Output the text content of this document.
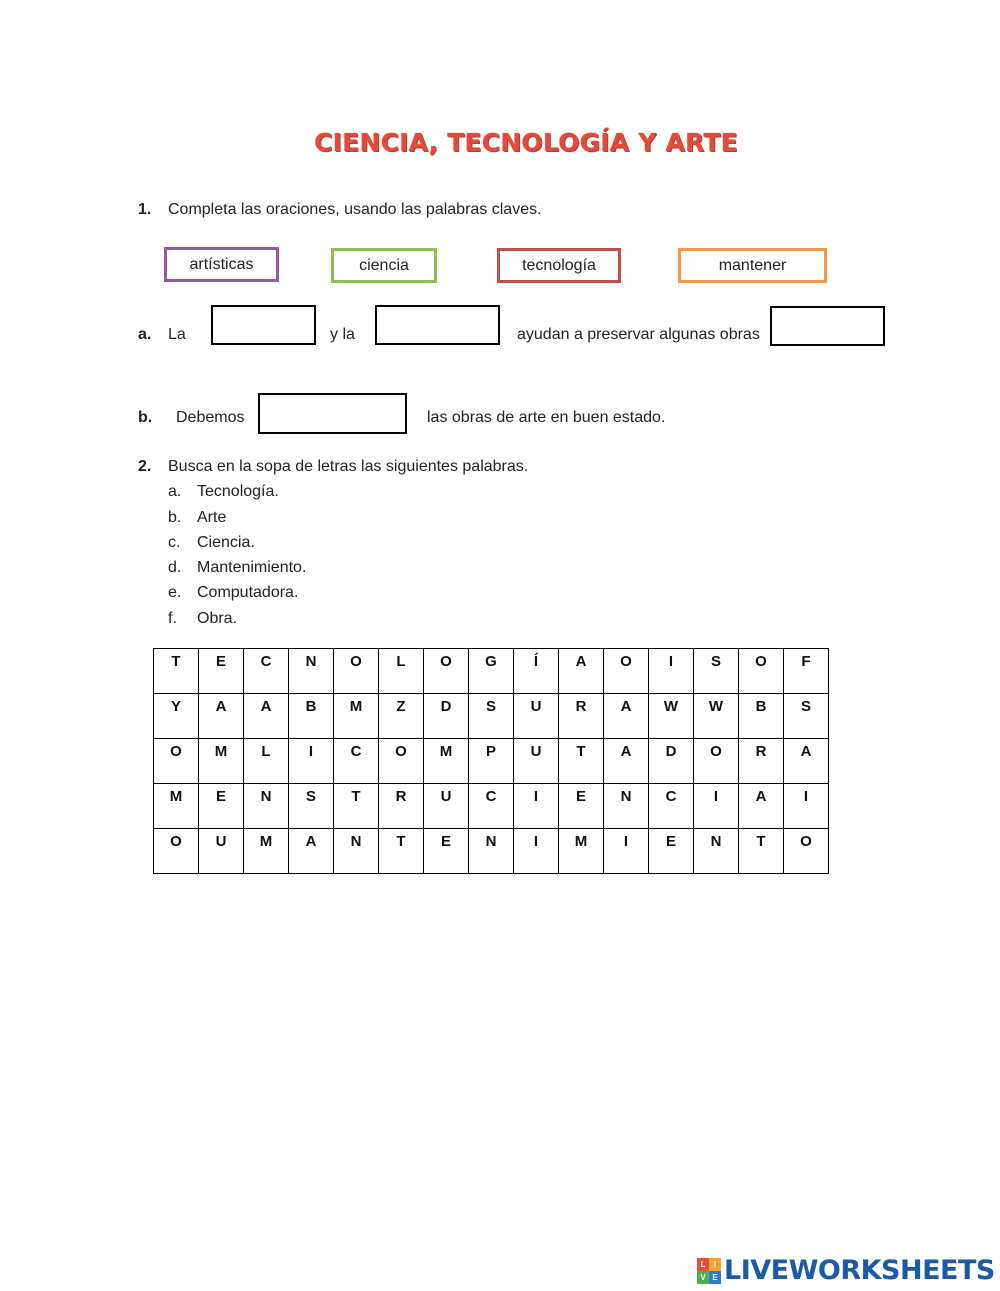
CIENCIA, TECNOLOGÍA Y ARTE
1. Completa las oraciones, usando las palabras claves.
artísticas	ciencia	tecnología	mantener
a. La	y la	ayudan a preservar algunas obras
b. Debemos	las obras de arte en buen estado.
2. Busca en la sopa de letras las siguientes palabras.
a. Tecnología.
b. Arte
c. Ciencia.
d. Mantenimiento.
e. Computadora.
f. Obra.
T	E	C	N	O	L	O	G	Í	A	O	I	S	O	F
Y	A	A	B	M	Z	D	S	U	R	A	W	W	B	S
O	M	L	I	C	O	M	P	U	T	A	D	O	R	A
M	E	N	S	T	R	U	C	I	E	N	C	I	A	I
O	U	M	A	N	T	E	N	I	M	I	E	N	T	O
L	I
V E LIVEWORKSHEETS
